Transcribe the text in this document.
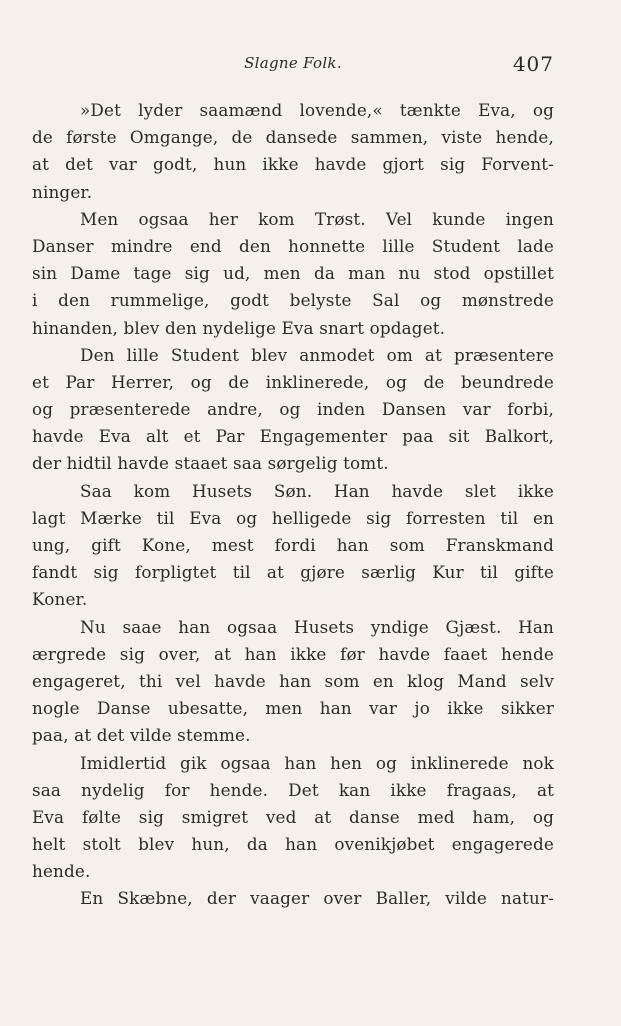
Slagne Folk.	407
»Det lyder saamænd lovende,« tænkte Eva, og
de første Omgange, de dansede sammen, viste hende,
at det var godt, hun ikke havde gjort sig Forvent-
ninger.
Men ogsaa her kom Trøst. Vel kunde ingen
Danser mindre end den honnette lille Student lade
sin Dame tage sig ud, men da man nu stod opstillet
i den rummelige, godt belyste Sal og mønstrede
hinanden, blev den nydelige Eva snart opdaget.
Den lille Student blev anmodet om at præsentere
et Par Herrer, og de inklinerede, og de beundrede
og præsenterede andre, og inden Dansen var forbi,
havde Eva alt et Par Engagementer paa sit Balkort,
der hidtil havde staaet saa sørgelig tomt.
Saa kom Husets Søn. Han havde slet ikke
lagt Mærke til Eva og helligede sig forresten til en
ung, gift Kone, mest fordi han som Franskmand
fandt sig forpligtet til at gjøre særlig Kur til gifte
Koner.
Nu saae han ogsaa Husets yndige Gjæst. Han
ærgrede sig over, at han ikke før havde faaet hende
engageret, thi vel havde han som en klog Mand selv
nogle Danse ubesatte, men han var jo ikke sikker
paa, at det vilde stemme.
Imidlertid gik ogsaa han hen og inklinerede nok
saa nydelig for hende. Det kan ikke fragaas, at
Eva følte sig smigret ved at danse med ham, og
helt stolt blev hun, da han ovenikjøbet engagerede
hende.
En Skæbne, der vaager over Baller, vilde natur-
